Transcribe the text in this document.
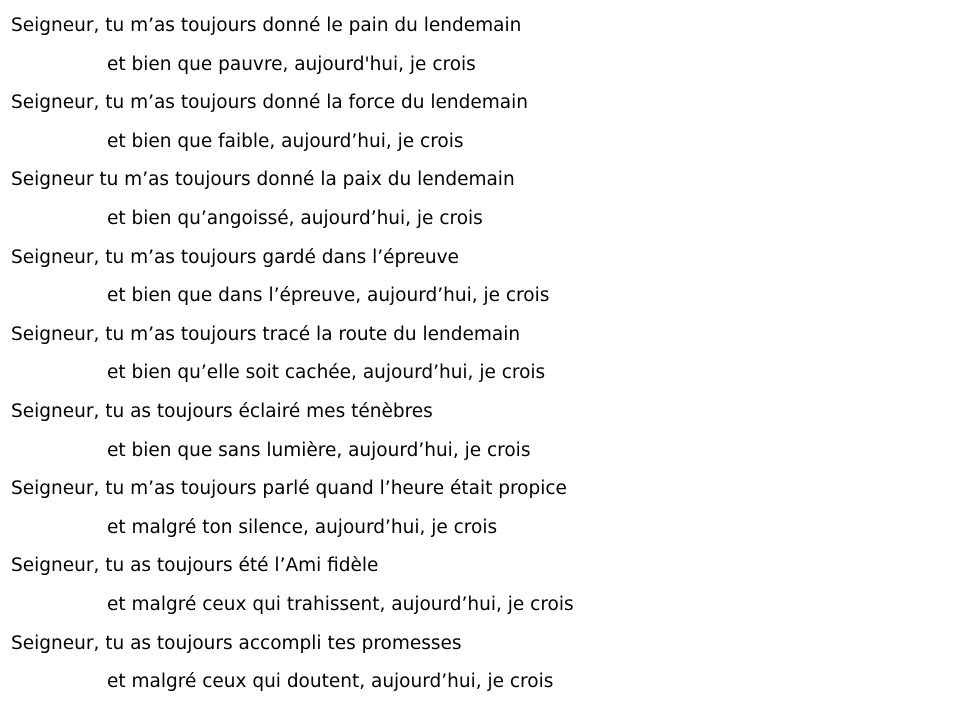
Seigneur, tu m’as toujours donné le pain du lendemain
et bien que pauvre, aujourd'hui, je crois
Seigneur, tu m’as toujours donné la force du lendemain
et bien que faible, aujourd’hui, je crois
Seigneur tu m’as toujours donné la paix du lendemain
et bien qu’angoissé, aujourd’hui, je crois
Seigneur, tu m’as toujours gardé dans l’épreuve
et bien que dans l’épreuve, aujourd’hui, je crois
Seigneur, tu m’as toujours tracé la route du lendemain
et bien qu’elle soit cachée, aujourd’hui, je crois
Seigneur, tu as toujours éclairé mes ténèbres
et bien que sans lumière, aujourd’hui, je crois
Seigneur, tu m’as toujours parlé quand l’heure était propice
et malgré ton silence, aujourd’hui, je crois
Seigneur, tu as toujours été l’Ami fidèle
et malgré ceux qui trahissent, aujourd’hui, je crois
Seigneur, tu as toujours accompli tes promesses
et malgré ceux qui doutent, aujourd’hui, je crois
